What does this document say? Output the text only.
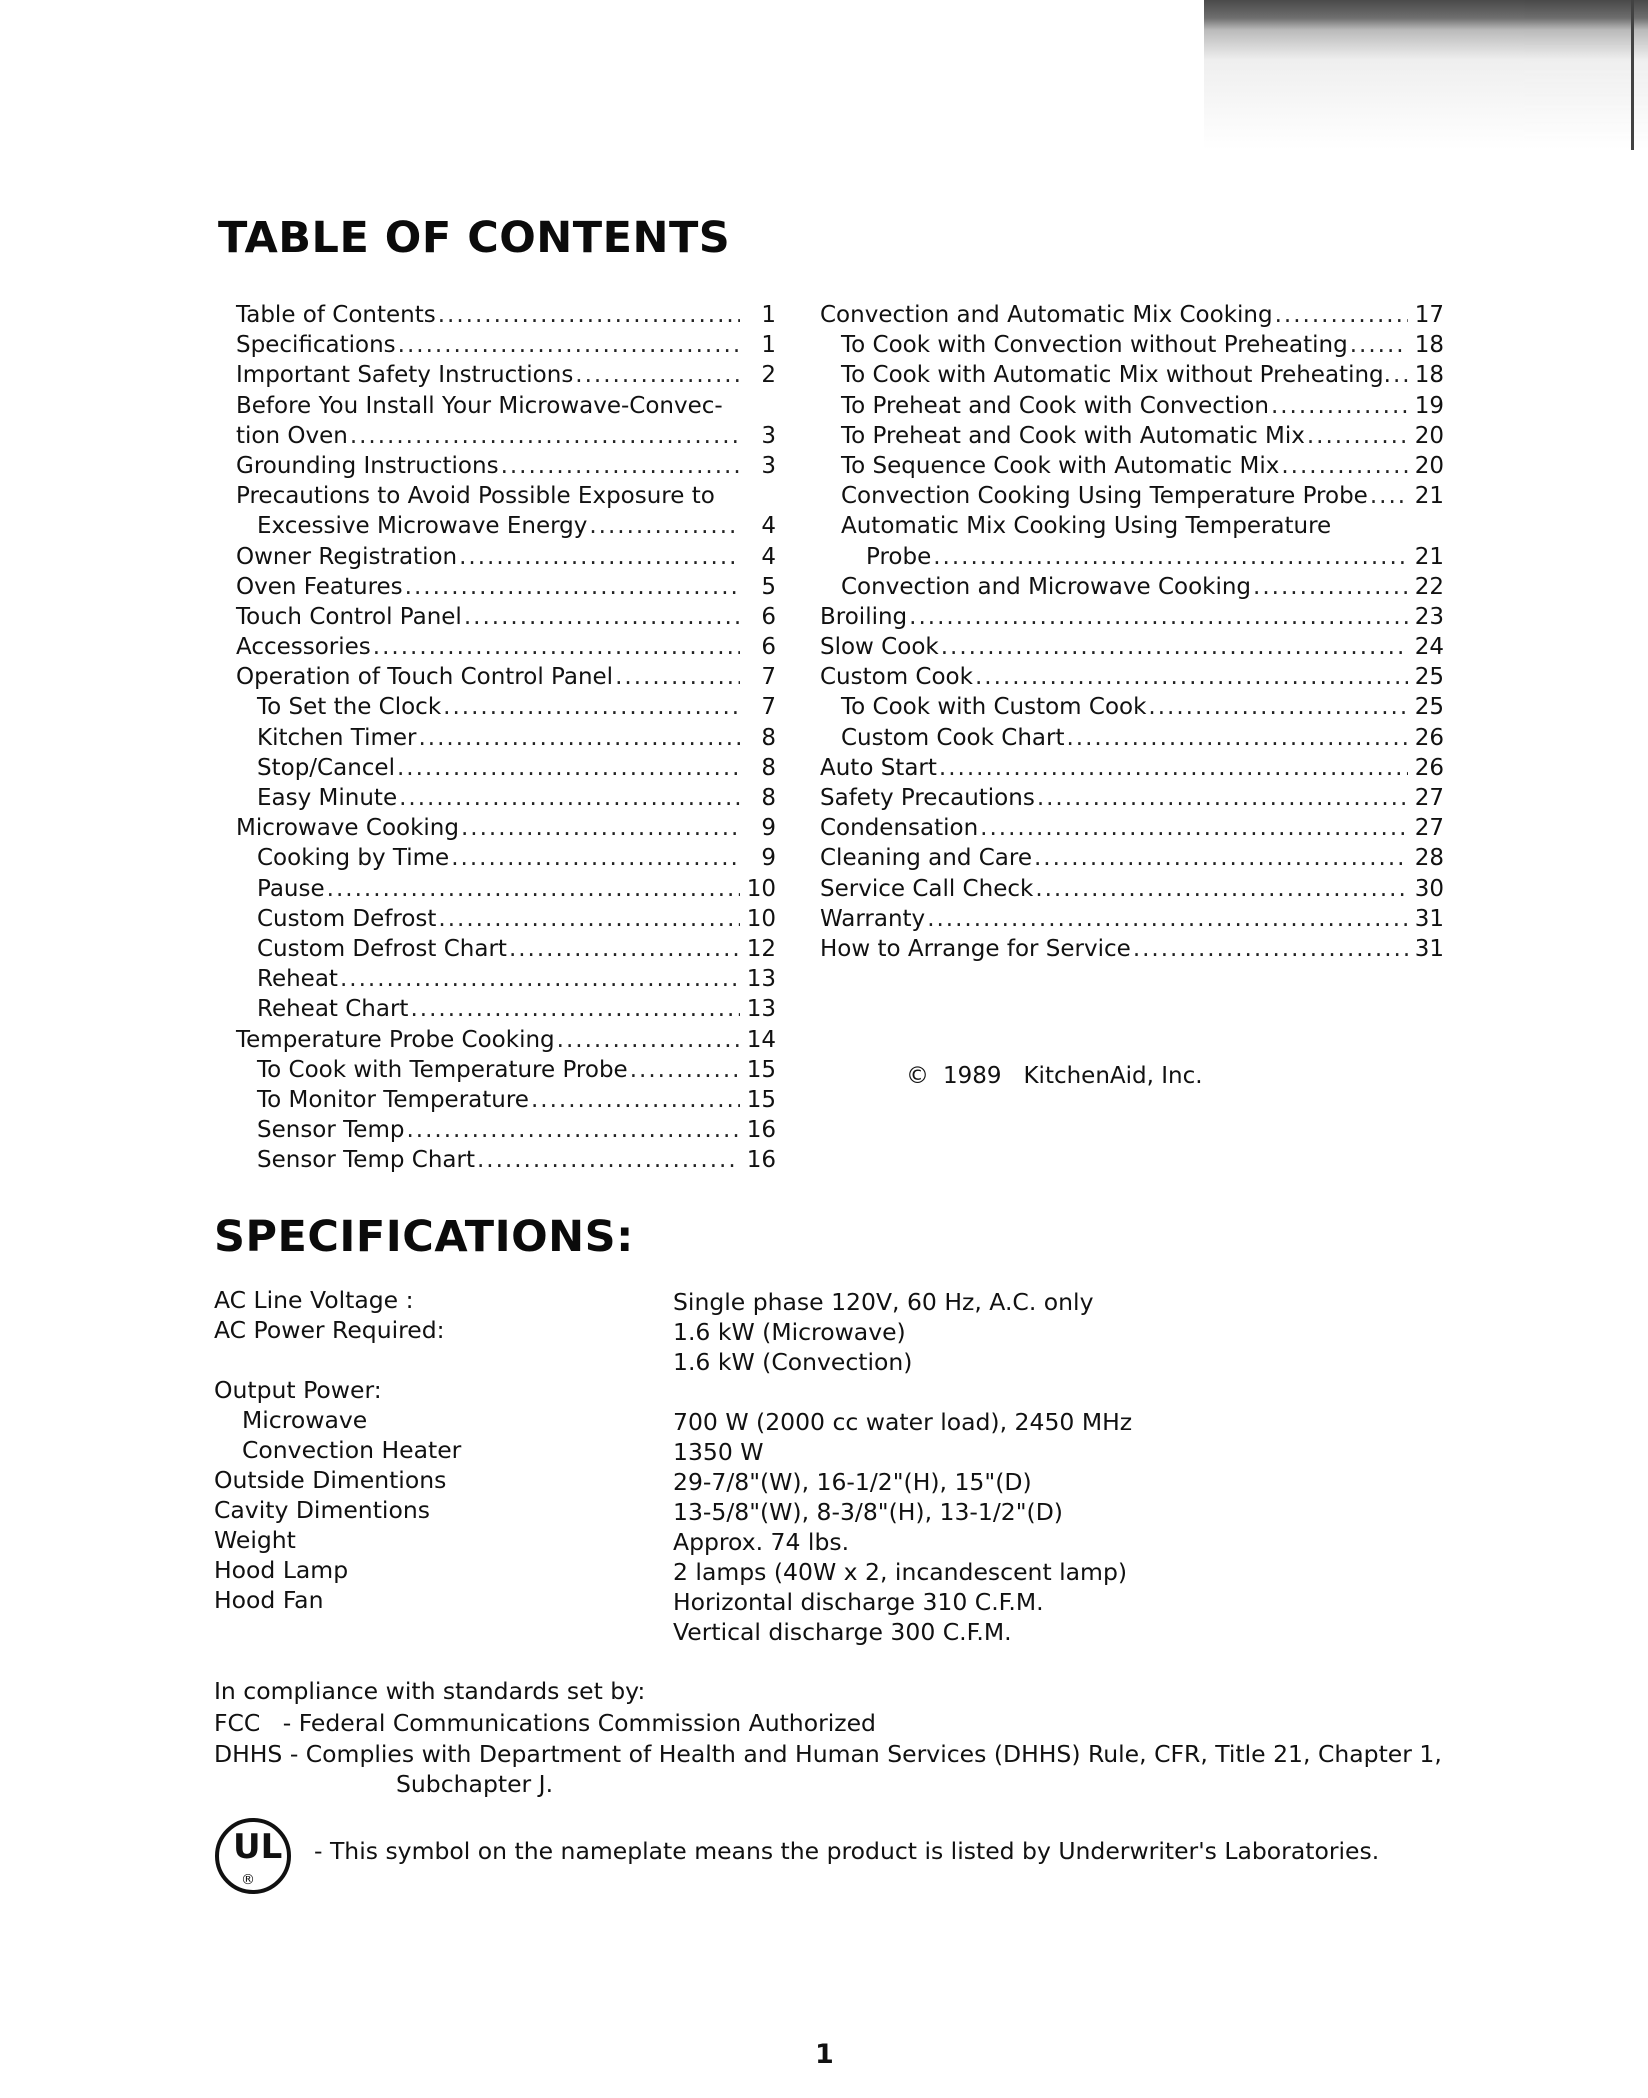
TABLE OF CONTENTS
Table of Contents .....	1
Specifications .....	1
Important Safety Instructions .....	2
Before You Install Your Microwave-Convec-
tion Oven .....	3
Grounding Instructions .....	3
Precautions to Avoid Possible Exposure to
Excessive Microwave Energy .....	4
Owner Registration .....	4
Oven Features .....	5
Touch Control Panel .....	6
Accessories .....	6
Operation of Touch Control Panel .....	7
To Set the Clock .....	7
Kitchen Timer .....	8
Stop/Cancel .....	8
Easy Minute .....	8
Microwave Cooking .....	9
Cooking by Time .....	9
Pause .....	10
Custom Defrost .....	10
Custom Defrost Chart .....	12
Reheat .....	13
Reheat Chart .....	13
Temperature Probe Cooking .....	14
To Cook with Temperature Probe .....	15
To Monitor Temperature .....	15
Sensor Temp .....	16
Sensor Temp Chart .....	16
Convection and Automatic Mix Cooking .....	17
To Cook with Convection without Preheating .....	18
To Cook with Automatic Mix without Preheating. ..... 18
To Preheat and Cook with Convection .....	19
To Preheat and Cook with Automatic Mix .....	20
To Sequence Cook with Automatic Mix .....	20
Convection Cooking Using Temperature Probe ..... 21
Automatic Mix Cooking Using Temperature
Probe .....	21
Convection and Microwave Cooking .....	22
Broiling .....	23
Slow Cook .....	24
Custom Cook .....	25
To Cook with Custom Cook .....	25
Custom Cook Chart .....	26
Auto Start .....	26
Safety Precautions .....	27
Condensation .....	27
Cleaning and Care .....	28
Service Call Check .....	30
Warranty .....	31
How to Arrange for Service .....	31
© 1989   KitchenAid, Inc.
SPECIFICATIONS:
AC Line Voltage :	Single phase 120V, 60 Hz, A.C. only
AC Power Required:	1.6 kW (Microwave)
1.6 kW (Convection)
Output Power:
Microwave	700 W (2000 cc water load), 2450 MHz
Convection Heater	1350 W
Outside Dimentions	29-7/8"(W), 16-1/2"(H), 15"(D)
Cavity Dimentions	13-5/8"(W), 8-3/8"(H), 13-1/2"(D)
Weight	Approx. 74 lbs.
Hood Lamp	2 lamps (40W x 2, incandescent lamp)
Hood Fan	Horizontal discharge 310 C.F.M.
Vertical discharge 300 C.F.M.
In compliance with standards set by:
FCC   - Federal Communications Commission Authorized
DHHS - Complies with Department of Health and Human Services (DHHS) Rule, CFR, Title 21, Chapter 1,
Subchapter J.
UL
®
- This symbol on the nameplate means the product is listed by Underwriter's Laboratories.
1
